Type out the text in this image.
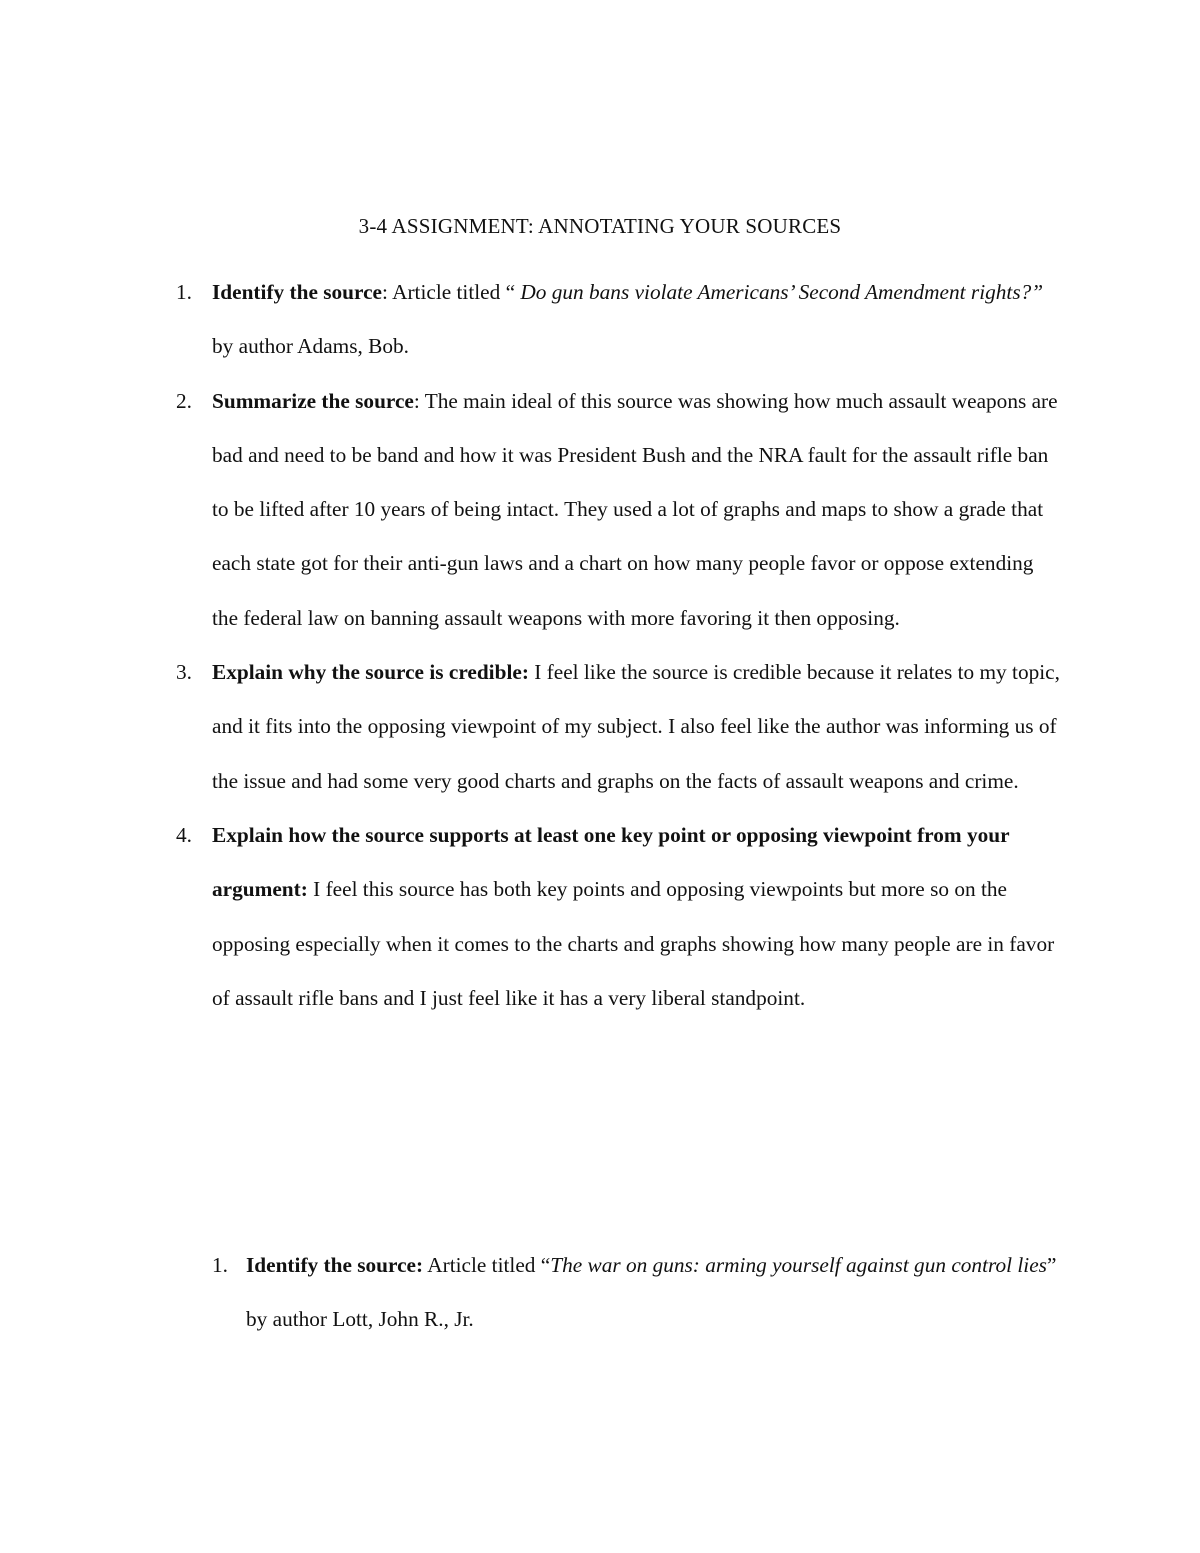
3-4 ASSIGNMENT: ANNOTATING YOUR SOURCES
1. Identify the source: Article titled “ Do gun bans violate Americans’ Second Amendment rights?” by author Adams, Bob.
2. Summarize the source: The main ideal of this source was showing how much assault weapons are bad and need to be band and how it was President Bush and the NRA fault for the assault rifle ban to be lifted after 10 years of being intact. They used a lot of graphs and maps to show a grade that each state got for their anti-gun laws and a chart on how many people favor or oppose extending the federal law on banning assault weapons with more favoring it then opposing.
3. Explain why the source is credible: I feel like the source is credible because it relates to my topic, and it fits into the opposing viewpoint of my subject. I also feel like the author was informing us of the issue and had some very good charts and graphs on the facts of assault weapons and crime.
4. Explain how the source supports at least one key point or opposing viewpoint from your argument: I feel this source has both key points and opposing viewpoints but more so on the opposing especially when it comes to the charts and graphs showing how many people are in favor of assault rifle bans and I just feel like it has a very liberal standpoint.
1. Identify the source: Article titled “The war on guns: arming yourself against gun control lies” by author Lott, John R., Jr.
